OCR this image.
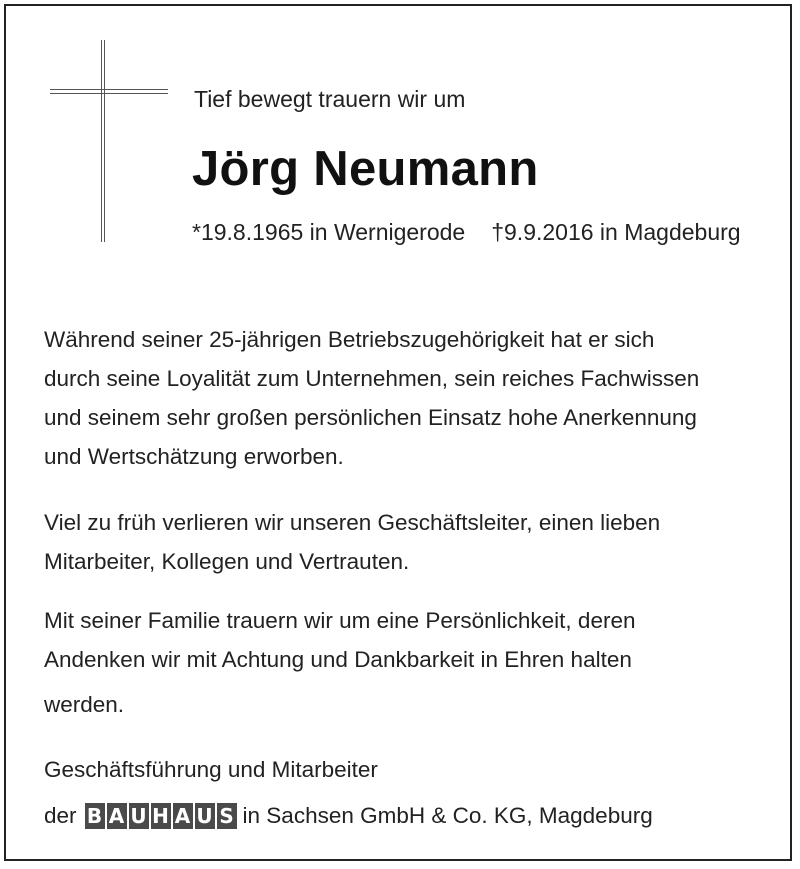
Tief bewegt trauern wir um
Jörg Neumann
*19.8.1965 in Wernigerode †9.9.2016 in Magdeburg
Während seiner 25-jährigen Betriebszugehörigkeit hat er sich
durch seine Loyalität zum Unternehmen, sein reiches Fachwissen
und seinem sehr großen persönlichen Einsatz hohe Anerkennung
und Wertschätzung erworben.
Viel zu früh verlieren wir unseren Geschäftsleiter, einen lieben
Mitarbeiter, Kollegen und Vertrauten.
Mit seiner Familie trauern wir um eine Persönlichkeit, deren
Andenken wir mit Achtung und Dankbarkeit in Ehren halten
werden.
Geschäftsführung und Mitarbeiter
der B A U H A U S in Sachsen GmbH & Co. KG, Magdeburg
